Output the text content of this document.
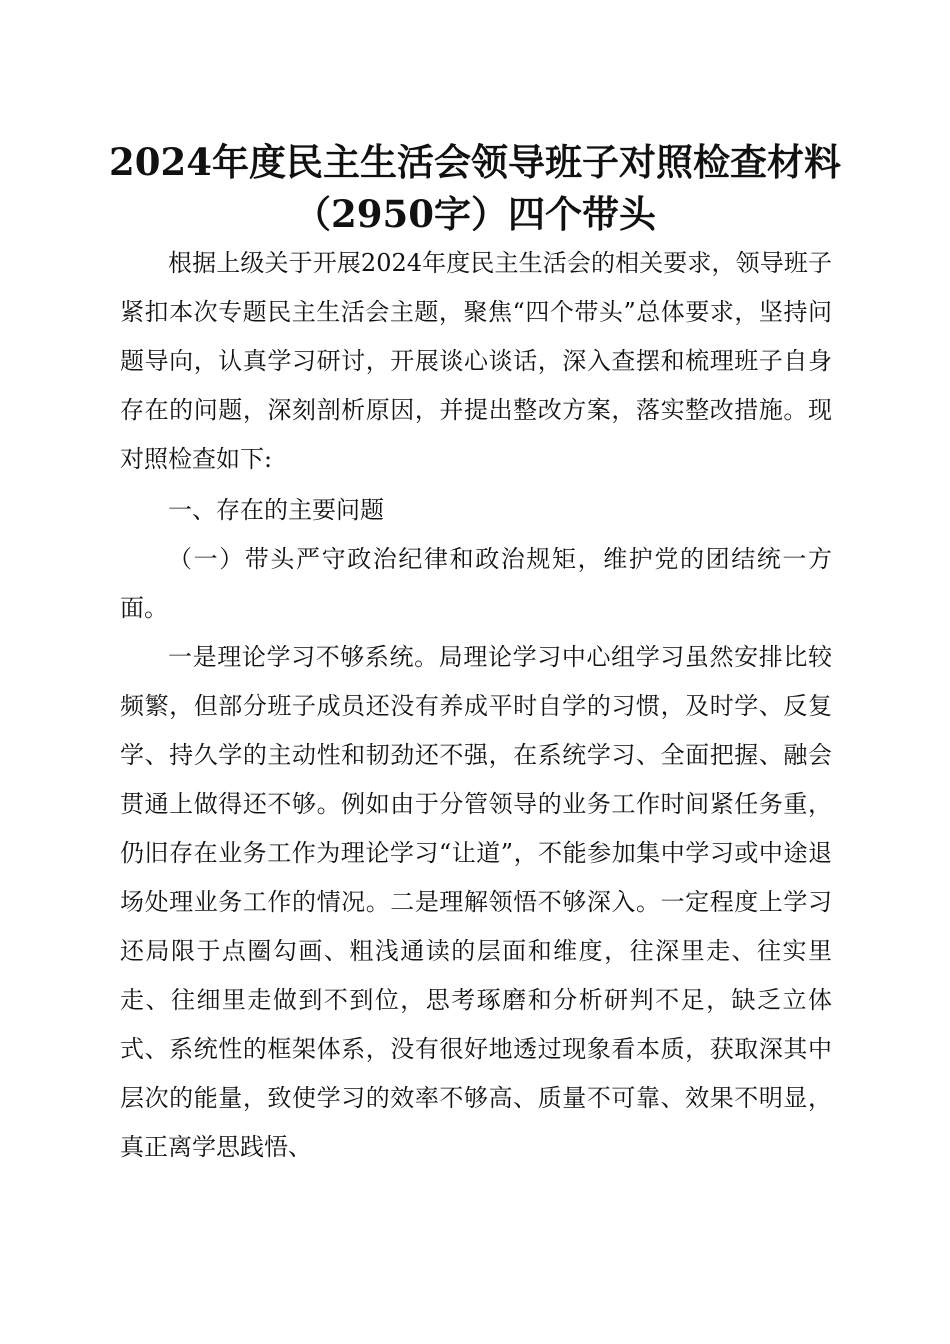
2024年度民主生活会领导班子对照检查材料
（2950字）四个带头

根据上级关于开展2024年度民主生活会的相关要求，领导班子紧扣本次专题民主生活会主题，聚焦“四个带头”总体要求，坚持问题导向，认真学习研讨，开展谈心谈话，深入查摆和梳理班子自身存在的问题，深刻剖析原因，并提出整改方案，落实整改措施。现对照检查如下:

一、存在的主要问题

（一）带头严守政治纪律和政治规矩，维护党的团结统一方面。

一是理论学习不够系统。局理论学习中心组学习虽然安排比较频繁，但部分班子成员还没有养成平时自学的习惯，及时学、反复学、持久学的主动性和韧劲还不强，在系统学习、全面把握、融会贯通上做得还不够。例如由于分管领导的业务工作时间紧任务重，仍旧存在业务工作为理论学习“让道”，不能参加集中学习或中途退场处理业务工作的情况。二是理解领悟不够深入。一定程度上学习还局限于点圈勾画、粗浅通读的层面和维度，往深里走、往实里走、往细里走做到不到位，思考琢磨和分析研判不足，缺乏立体式、系统性的框架体系，没有很好地透过现象看本质，获取深其中层次的能量，致使学习的效率不够高、质量不可靠、效果不明显，真正离学思践悟、
